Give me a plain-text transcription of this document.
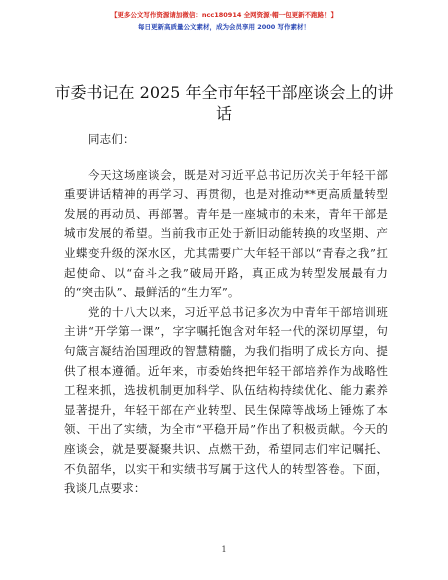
【更多公文写作资源请加微信：ncc180914 全网资源·帽一包更新不跑路！】
每日更新高质量公文素材，成为会员享用 2000 写作素材！
市委书记在 2025 年全市年轻干部座谈会上的讲话

同志们：

今天这场座谈会，既是对习近平总书记历次关于年轻干部重要讲话精神的再学习、再贯彻，也是对推动**更高质量转型发展的再动员、再部署。青年是一座城市的未来，青年干部是城市发展的希望。当前我市正处于新旧动能转换的攻坚期、产业蝶变升级的深水区，尤其需要广大年轻干部以“青春之我”扛起使命、以“奋斗之我”破局开路，真正成为转型发展最有力的“突击队”、最鲜活的“生力军”。

党的十八大以来，习近平总书记多次为中青年干部培训班主讲“开学第一课”，字字嘱托饱含对年轻一代的深切厚望，句句箴言凝结治国理政的智慧精髓，为我们指明了成长方向、提供了根本遵循。近年来，市委始终把年轻干部培养作为战略性工程来抓，选拔机制更加科学、队伍结构持续优化、能力素养显著提升，年轻干部在产业转型、民生保障等战场上锤炼了本领、干出了实绩，为全市“平稳开局”作出了积极贡献。今天的座谈会，就是要凝聚共识、点燃干劲，希望同志们牢记嘱托、不负韶华，以实干和实绩书写属于这代人的转型答卷。下面，我谈几点要求：

1
